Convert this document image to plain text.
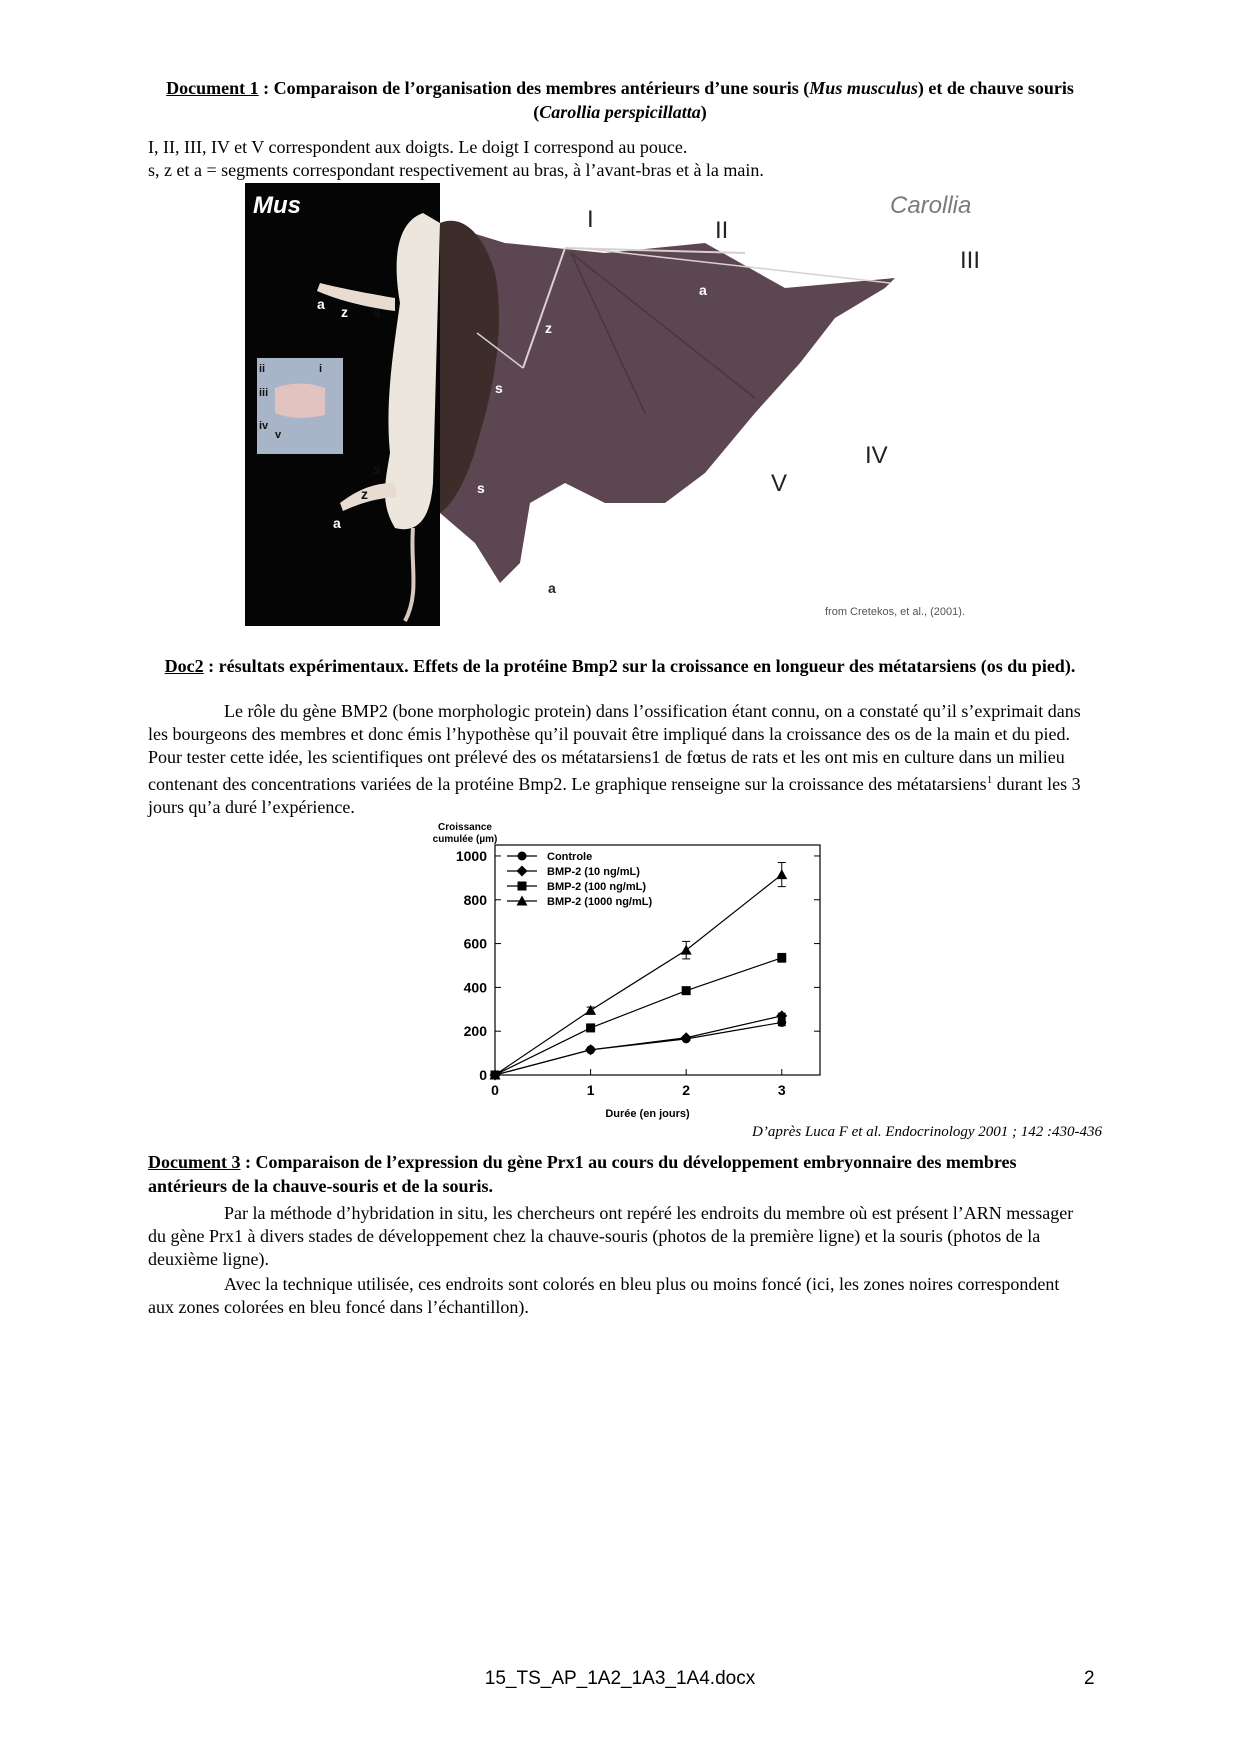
Document 1 : Comparaison de l’organisation des membres antérieurs d’une souris (Mus musculus) et de chauve souris (Carollia perspicillatta)
I, II, III, IV et V correspondent aux doigts. Le doigt I correspond au pouce.
s, z et a = segments correspondant respectivement au bras, à l’avant-bras et à la main.
Mus
a z s
s
z
a
ii	i
iii
iv
v
Carollia
I	II
III
IV
V
a
z
s
s
z
a
from Cretekos, et al., (2001).
Doc2 : résultats expérimentaux. Effets de la protéine Bmp2 sur la croissance en longueur des métatarsiens (os du pied).
Le rôle du gène BMP2 (bone morphologic protein) dans l’ossification étant connu, on a constaté qu’il s’exprimait dans les bourgeons des membres et donc émis l’hypothèse qu’il pouvait être impliqué dans la croissance des os de la main et du pied. Pour tester cette idée, les scientifiques ont prélevé des os métatarsiens1 de fœtus de rats et les ont mis en culture dans un milieu contenant des concentrations variées de la protéine Bmp2. Le graphique renseigne sur la croissance des métatarsiens$^1$ durant les 3 jours qu’a duré l’expérience.
0
200
400
600
800
1000
0	1	2	3
Croissance
cumulée (µm)
Durée (en jours)
Controle
BMP-2 (10 ng/mL)
BMP-2 (100 ng/mL)
BMP-2 (1000 ng/mL)
D’après Luca F et al. Endocrinology 2001 ; 142 :430-436
Document 3 : Comparaison de l’expression du gène Prx1 au cours du développement embryonnaire des membres antérieurs de la chauve-souris et de la souris.
Par la méthode d’hybridation in situ, les chercheurs ont repéré les endroits du membre où est présent l’ARN messager du gène Prx1 à divers stades de développement chez la chauve-souris (photos de la première ligne) et la souris (photos de la deuxième ligne).
Avec la technique utilisée, ces endroits sont colorés en bleu plus ou moins foncé (ici, les zones noires correspondent aux zones colorées en bleu foncé dans l’échantillon).
15_TS_AP_1A2_1A3_1A4.docx	2
